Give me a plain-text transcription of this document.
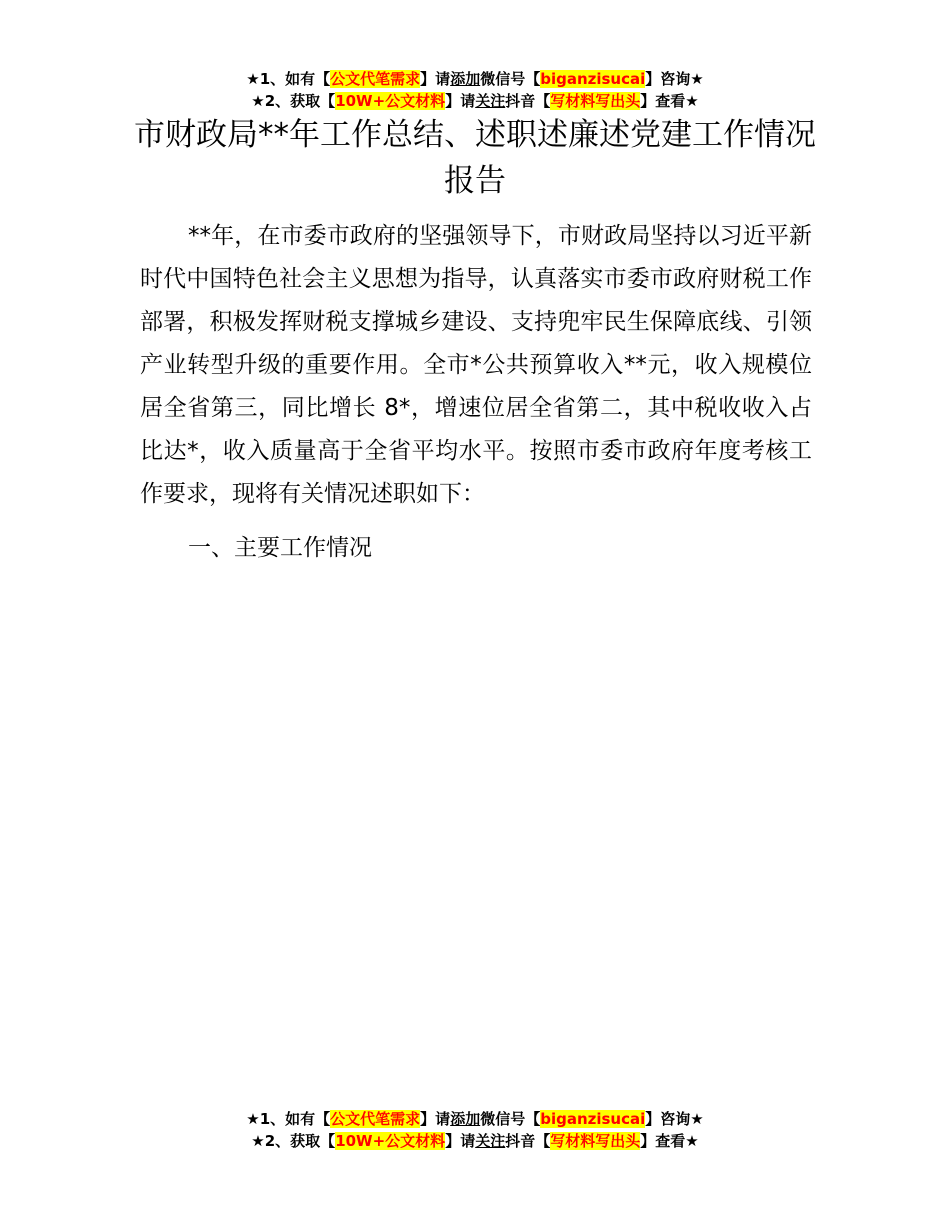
★1、如有【公文代笔需求】请添加微信号【biganzisucai】咨询★
★2、获取【10W+公文材料】请关注抖音【写材料写出头】查看★
市财政局**年工作总结、述职述廉述党建工作情况报告

**年，在市委市政府的坚强领导下，市财政局坚持以习近平新时代中国特色社会主义思想为指导，认真落实市委市政府财税工作部署，积极发挥财税支撑城乡建设、支持兜牢民生保障底线、引领产业转型升级的重要作用。全市*公共预算收入**元，收入规模位居全省第三，同比增长 8*，增速位居全省第二，其中税收收入占比达*，收入质量高于全省平均水平。按照市委市政府年度考核工作要求，现将有关情况述职如下：

一、主要工作情况

★1、如有【公文代笔需求】请添加微信号【biganzisucai】咨询★
★2、获取【10W+公文材料】请关注抖音【写材料写出头】查看★
